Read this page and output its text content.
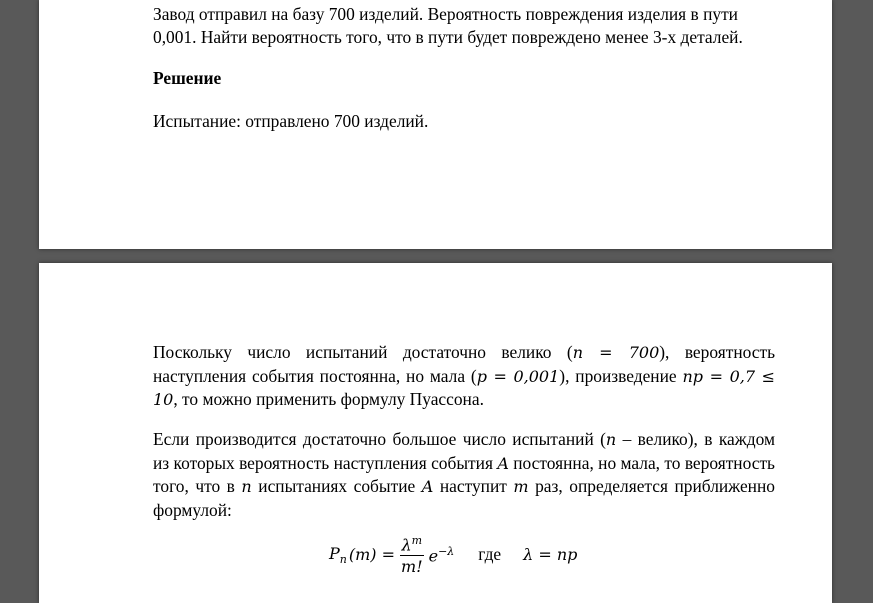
Завод отправил на базу 700 изделий. Вероятность повреждения изделия в пути
0,001. Найти вероятность того, что в пути будет повреждено менее 3-х деталей.

Решение

Испытание: отправлено 700 изделий.

Поскольку число испытаний достаточно велико (n = 700), вероятность наступления события постоянна, но мала (p = 0,001), произведение np = 0,7 ≤ 10, то можно применить формулу Пуассона.

Если производится достаточно большое число испытаний (n – велико), в каждом из которых вероятность наступления события A постоянна, но мала, то вероятность того, что в n испытаниях событие A наступит m раз, определяется приближенно формулой:

$P_n$ $(m) = \frac{\lambda^m}{m!} e^{-\lambda}$ где λ = np
